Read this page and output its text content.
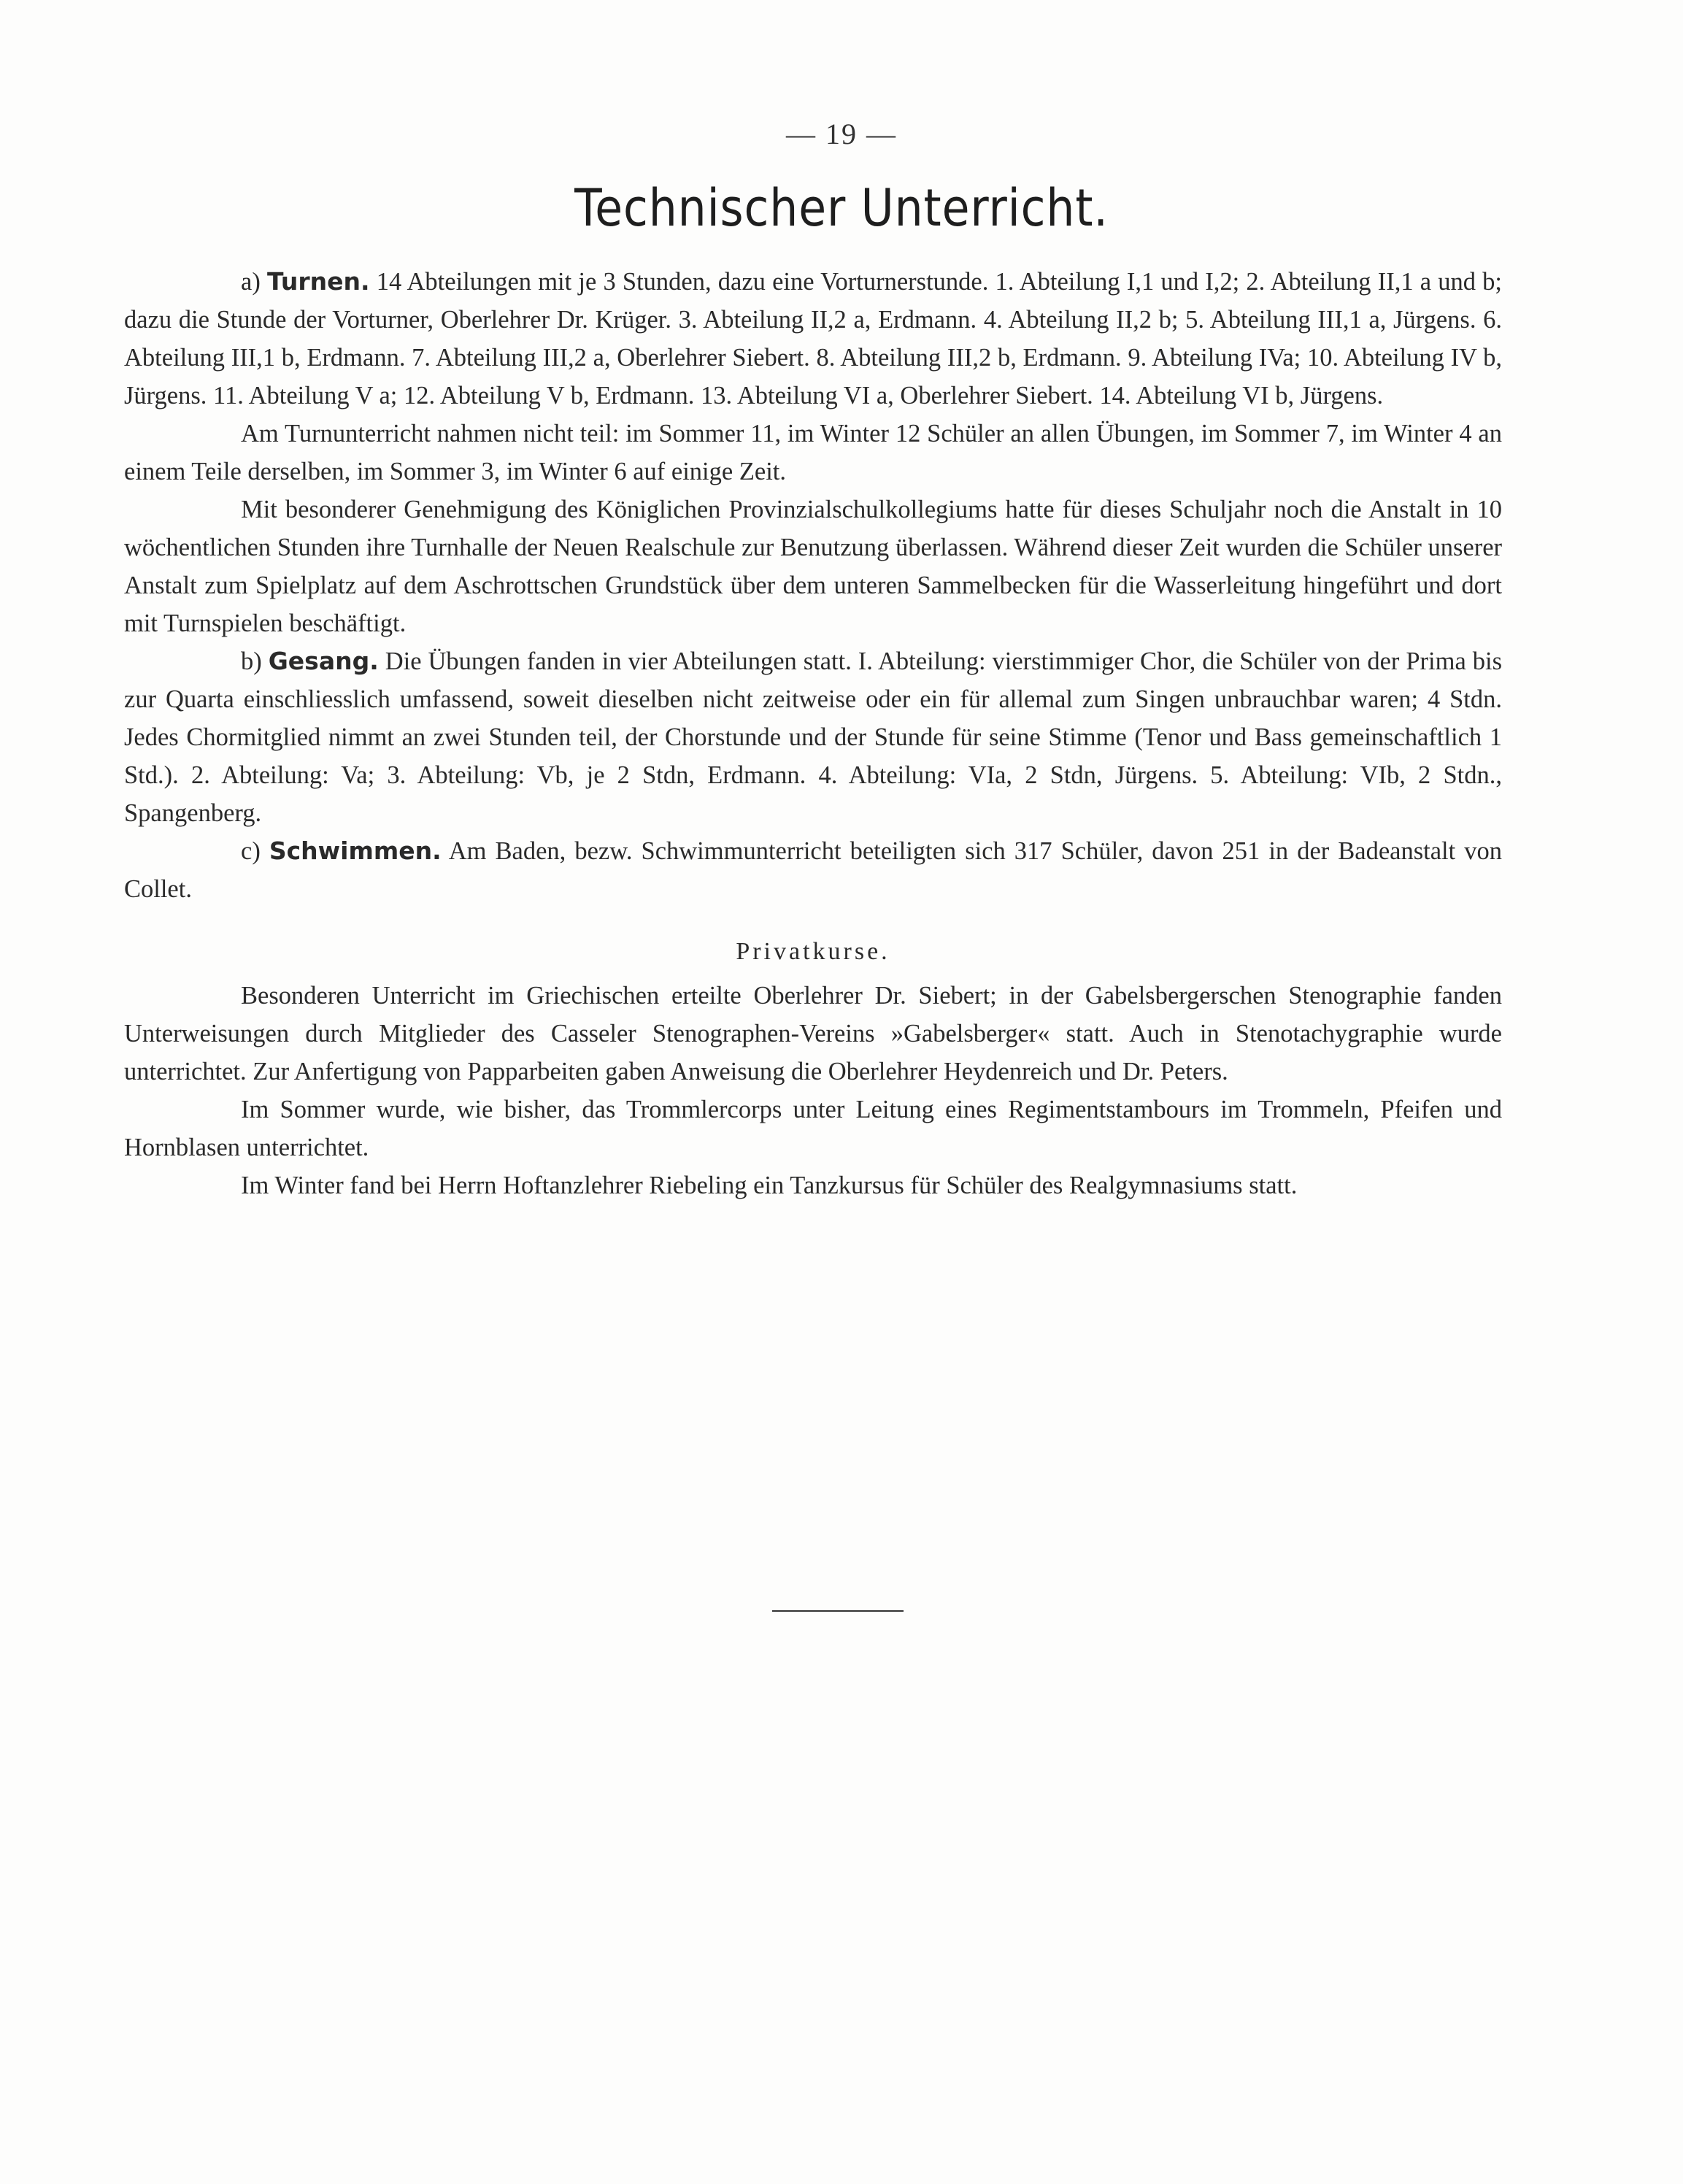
— 19 —
Technischer Unterricht.

a) Turnen. 14 Abteilungen mit je 3 Stunden, dazu eine Vorturnerstunde. 1. Abteilung I,1 und I,2; 2. Abteilung II,1 a und b; dazu die Stunde der Vorturner, Oberlehrer Dr. Krüger. 3. Abteilung II,2 a, Erdmann. 4. Abteilung II,2 b; 5. Abteilung III,1 a, Jürgens. 6. Abteilung III,1 b, Erdmann. 7. Abteilung III,2 a, Oberlehrer Siebert. 8. Abteilung III,2 b, Erdmann. 9. Abteilung IVa; 10. Abteilung IV b, Jürgens. 11. Abteilung V a; 12. Abteilung V b, Erdmann. 13. Abteilung VI a, Oberlehrer Siebert. 14. Abteilung VI b, Jürgens.

Am Turnunterricht nahmen nicht teil: im Sommer 11, im Winter 12 Schüler an allen Übungen, im Sommer 7, im Winter 4 an einem Teile derselben, im Sommer 3, im Winter 6 auf einige Zeit.

Mit besonderer Genehmigung des Königlichen Provinzialschulkollegiums hatte für dieses Schuljahr noch die Anstalt in 10 wöchentlichen Stunden ihre Turnhalle der Neuen Realschule zur Benutzung überlassen. Während dieser Zeit wurden die Schüler unserer Anstalt zum Spielplatz auf dem Aschrottschen Grundstück über dem unteren Sammelbecken für die Wasserleitung hingeführt und dort mit Turnspielen beschäftigt.

b) Gesang. Die Übungen fanden in vier Abteilungen statt. I. Abteilung: vierstimmiger Chor, die Schüler von der Prima bis zur Quarta einschliesslich umfassend, soweit dieselben nicht zeitweise oder ein für allemal zum Singen unbrauchbar waren; 4 Stdn. Jedes Chormitglied nimmt an zwei Stunden teil, der Chorstunde und der Stunde für seine Stimme (Tenor und Bass gemeinschaftlich 1 Std.). 2. Abteilung: Va; 3. Abteilung: Vb, je 2 Stdn, Erdmann. 4. Abteilung: VIa, 2 Stdn, Jürgens. 5. Abteilung: VIb, 2 Stdn., Spangenberg.

c) Schwimmen. Am Baden, bezw. Schwimmunterricht beteiligten sich 317 Schüler, davon 251 in der Badeanstalt von Collet.

Privatkurse.

Besonderen Unterricht im Griechischen erteilte Oberlehrer Dr. Siebert; in der Gabelsbergerschen Stenographie fanden Unterweisungen durch Mitglieder des Casseler Stenographen-Vereins »Gabelsberger« statt. Auch in Stenotachygraphie wurde unterrichtet. Zur Anfertigung von Papparbeiten gaben Anweisung die Oberlehrer Heydenreich und Dr. Peters.

Im Sommer wurde, wie bisher, das Trommlercorps unter Leitung eines Regimentstambours im Trommeln, Pfeifen und Hornblasen unterrichtet.

Im Winter fand bei Herrn Hoftanzlehrer Riebeling ein Tanzkursus für Schüler des Realgymnasiums statt.
